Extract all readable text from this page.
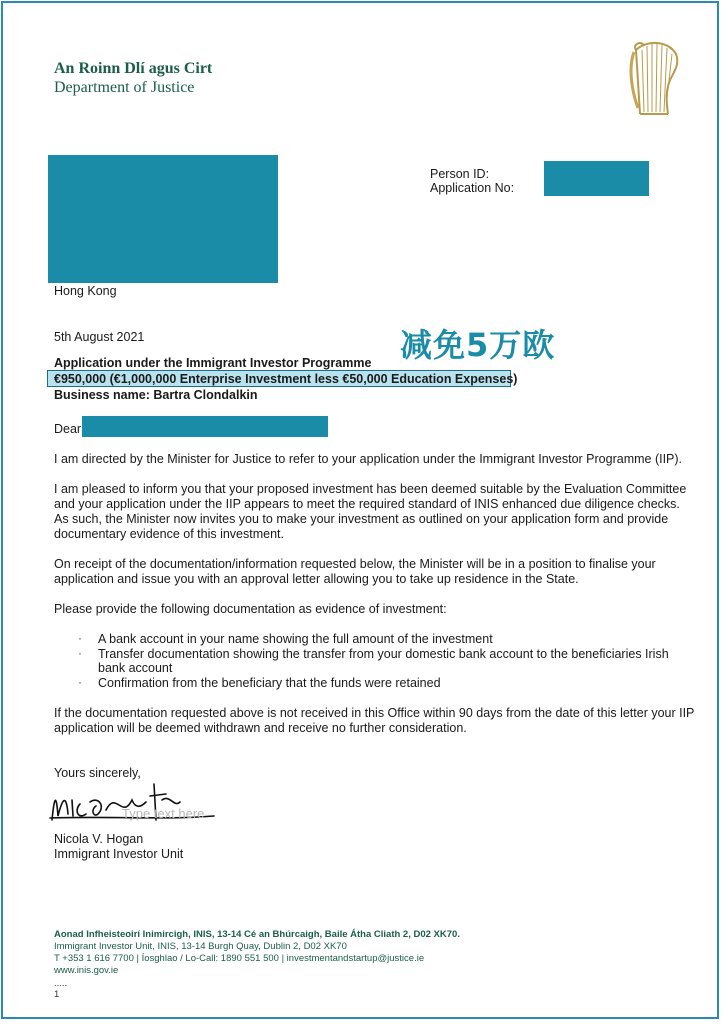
An Roinn Dlí agus Cirt
Department of Justice
Person ID:
Application No:
Hong Kong
5th August 2021	减免5万欧
Application under the Immigrant Investor Programme
€950,000 (€1,000,000 Enterprise Investment less €50,000 Education Expenses)
Business name: Bartra Clondalkin
Dear
I am directed by the Minister for Justice to refer to your application under the Immigrant Investor Programme (IIP).
I am pleased to inform you that your proposed investment has been deemed suitable by the Evaluation Committee
and your application under the IIP appears to meet the required standard of INIS enhanced due diligence checks.
As such, the Minister now invites you to make your investment as outlined on your application form and provide
documentary evidence of this investment.
On receipt of the documentation/information requested below, the Minister will be in a position to finalise your
application and issue you with an approval letter allowing you to take up residence in the State.
Please provide the following documentation as evidence of investment:
· A bank account in your name showing the full amount of the investment
· Transfer documentation showing the transfer from your domestic bank account to the beneficiaries Irish
bank account
· Confirmation from the beneficiary that the funds were retained
If the documentation requested above is not received in this Office within 90 days from the date of this letter your IIP
application will be deemed withdrawn and receive no further consideration.
Yours sincerely,
Type text here
Nicola V. Hogan
Immigrant Investor Unit
Aonad Infheisteoirí Inimircigh, INIS, 13-14 Cé an Bhúrcaigh, Baile Átha Cliath 2, D02 XK70.
Immigrant Investor Unit, INIS, 13-14 Burgh Quay, Dublin 2, D02 XK70
T +353 1 616 7700 | Íosghlao / Lo-Call: 1890 551 500 | investmentandstartup@justice.ie
www.inis.gov.ie
.....
1
